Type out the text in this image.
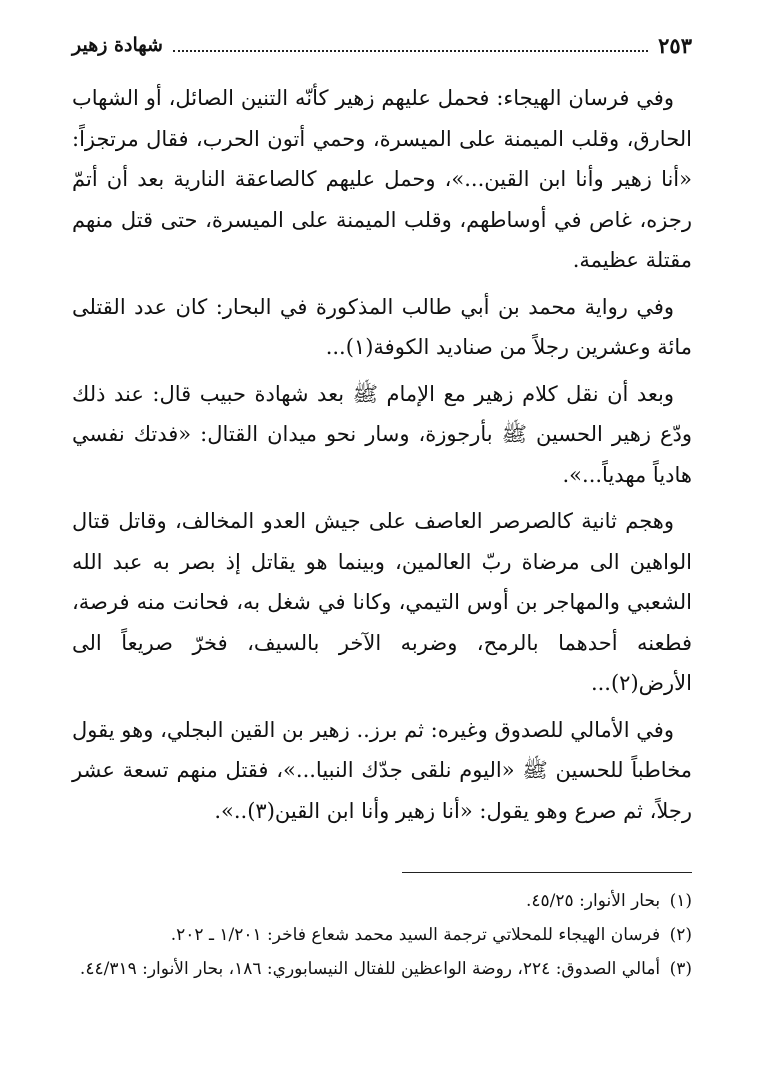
شهادة زهير	٢٥٣

وفي فرسان الهيجاء: فحمل عليهم زهير كأنّه التنين الصائل، أو الشهاب الحارق، وقلب الميمنة على الميسرة، وحمي أتون الحرب، فقال مرتجزاً: «أنا زهير وأنا ابن القين...»، وحمل عليهم كالصاعقة النارية بعد أن أتمّ رجزه، غاص في أوساطهم، وقلب الميمنة على الميسرة، حتى قتل منهم مقتلة عظيمة.

وفي رواية محمد بن أبي طالب المذكورة في البحار: كان عدد القتلى مائة وعشرين رجلاً من صناديد الكوفة(١)...

وبعد أن نقل كلام زهير مع الإمام ﷺ بعد شهادة حبيب قال: عند ذلك ودّع زهير الحسين ﷺ بأرجوزة، وسار نحو ميدان القتال: «فدتك نفسي هادياً مهدياً...».

وهجم ثانية كالصرصر العاصف على جيش العدو المخالف، وقاتل قتال الواهين الى مرضاة ربّ العالمين، وبينما هو يقاتل إذ بصر به عبد الله الشعبي والمهاجر بن أوس التيمي، وكانا في شغل به، فحانت منه فرصة، فطعنه أحدهما بالرمح، وضربه الآخر بالسيف، فخرّ صريعاً الى الأرض(٢)...

وفي الأمالي للصدوق وغيره: ثم برز.. زهير بن القين البجلي، وهو يقول مخاطباً للحسين ﷺ «اليوم نلقى جدّك النبيا...»، فقتل منهم تسعة عشر رجلاً، ثم صرع وهو يقول: «أنا زهير وأنا ابن القين(٣)..».

(١) بحار الأنوار: ٤٥/٢٥.

(٢) فرسان الهيجاء للمحلاتي ترجمة السيد محمد شعاع فاخر: ١/٢٠١ ـ ٢٠٢.

(٣) أمالي الصدوق: ٢٢٤، روضة الواعظين للفتال النيسابوري: ١٨٦، بحار الأنوار: ٤٤/٣١٩.
